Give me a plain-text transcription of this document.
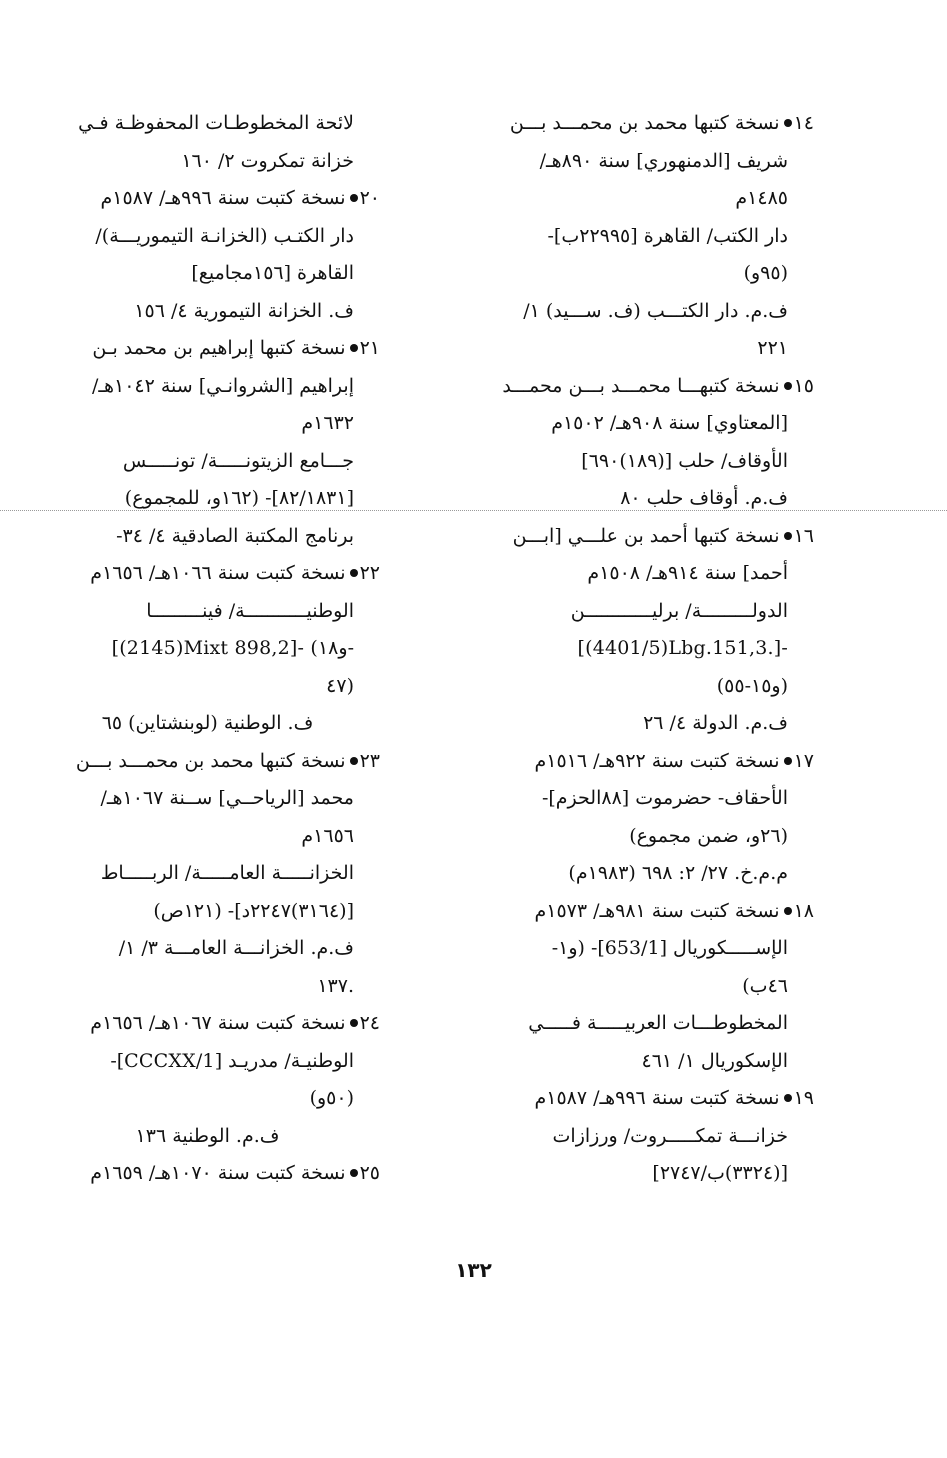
١٤نسخة كتبها محمد بن محمـــد بـــن
شريف [الدمنهوري] سنة ٨٩٠هـ/
١٤٨٥م
دار الكتب/ القاهرة [٢٢٩٩٥ب]-
(٩٥و)
ف.م. دار الكتـــب (ف. ســـيد) ١/
٢٢١
١٥نسخة كتبهـــا محمـــد بـــن محمـــد
[المعتاوي] سنة ٩٠٨هـ/ ١٥٠٢م
الأوقاف/ حلب [(١٨٩)٦٩٠]
ف.م. أوقاف حلب ٨٠
١٦نسخة كتبها أحمد بن علـــي [ابـــن
أحمد] سنة ٩١٤هـ/ ١٥٠٨م
الدولـــــــــة/ برليــــــــــــن
[(4401/5)Lbg.151,3.]-
(و١٥-٥٥)
ف.م. الدولة ٤/ ٢٦
١٧نسخة كتبت سنة ٩٢٢هـ/ ١٥١٦م
الأحقاف- حضرموت [٨٨الحزم]-
(٢٦و، ضمن مجموع)
م.م.خ. ٢٧/ ٢: ٦٩٨ (١٩٨٣م)
١٨نسخة كتبت سنة ٩٨١هـ/ ١٥٧٣م
الإســـــكوريال [653/1]- (و١-
٤٦ب)
المخطوطـــات العربيـــــة فـــــي
الإسكوريال ١/ ٤٦١
١٩نسخة كتبت سنة ٩٩٦هـ/ ١٥٨٧م
خزانـــة تمكـــــروت/ ورزازات
[(٣٣٢٤)ب/٢٧٤٧]
لائحة المخطوطـات المحفوظـة فـي
خزانة تمكروت ٢/ ١٦٠
٢٠نسخة كتبت سنة ٩٩٦هـ/ ١٥٨٧م
دار الكتـب (الخزانـة التيموريـــة)/
القاهرة [١٥٦مجاميع]
ف. الخزانة التيمورية ٤/ ١٥٦
٢١نسخة كتبها إبراهيم بن محمد بـن
إبراهيم [الشروانـي] سنة ١٠٤٢هـ/
١٦٣٢م
جـــامع الزيتونـــــة/ تونـــــس
[٨٢/١٨٣١]- (١٦٢و، للمجموع)
برنامج المكتبة الصادقية ٤/ ٣٤-
٢٢نسخة كتبت سنة ١٠٦٦هـ/ ١٦٥٦م
الوطنيـــــــــــة/ فينـــــــــا
[(2145)Mixt 898,2]- (و١٨-
٤٧)
ف. الوطنية (لوبنشتاين) ٦٥
٢٣نسخة كتبها محمد بن محمـــد بـــن
محمد [الرياحــي] ســنة ١٠٦٧هـ/
١٦٥٦م
الخزانـــــة العامـــــة/ الربـــــاط
[(٣١٦٤)٢٢٤٧د]- (١٢١ص)
ف.م. الخزانـــة العامـــة ٣/ ١/
١٣٧.
٢٤نسخة كتبت سنة ١٠٦٧هـ/ ١٦٥٦م
الوطنيـة/ مدريـد [CCCXX/1]-
(٥٠و)
ف.م. الوطنية ١٣٦
٢٥نسخة كتبت سنة ١٠٧٠هـ/ ١٦٥٩م
١٣٢
